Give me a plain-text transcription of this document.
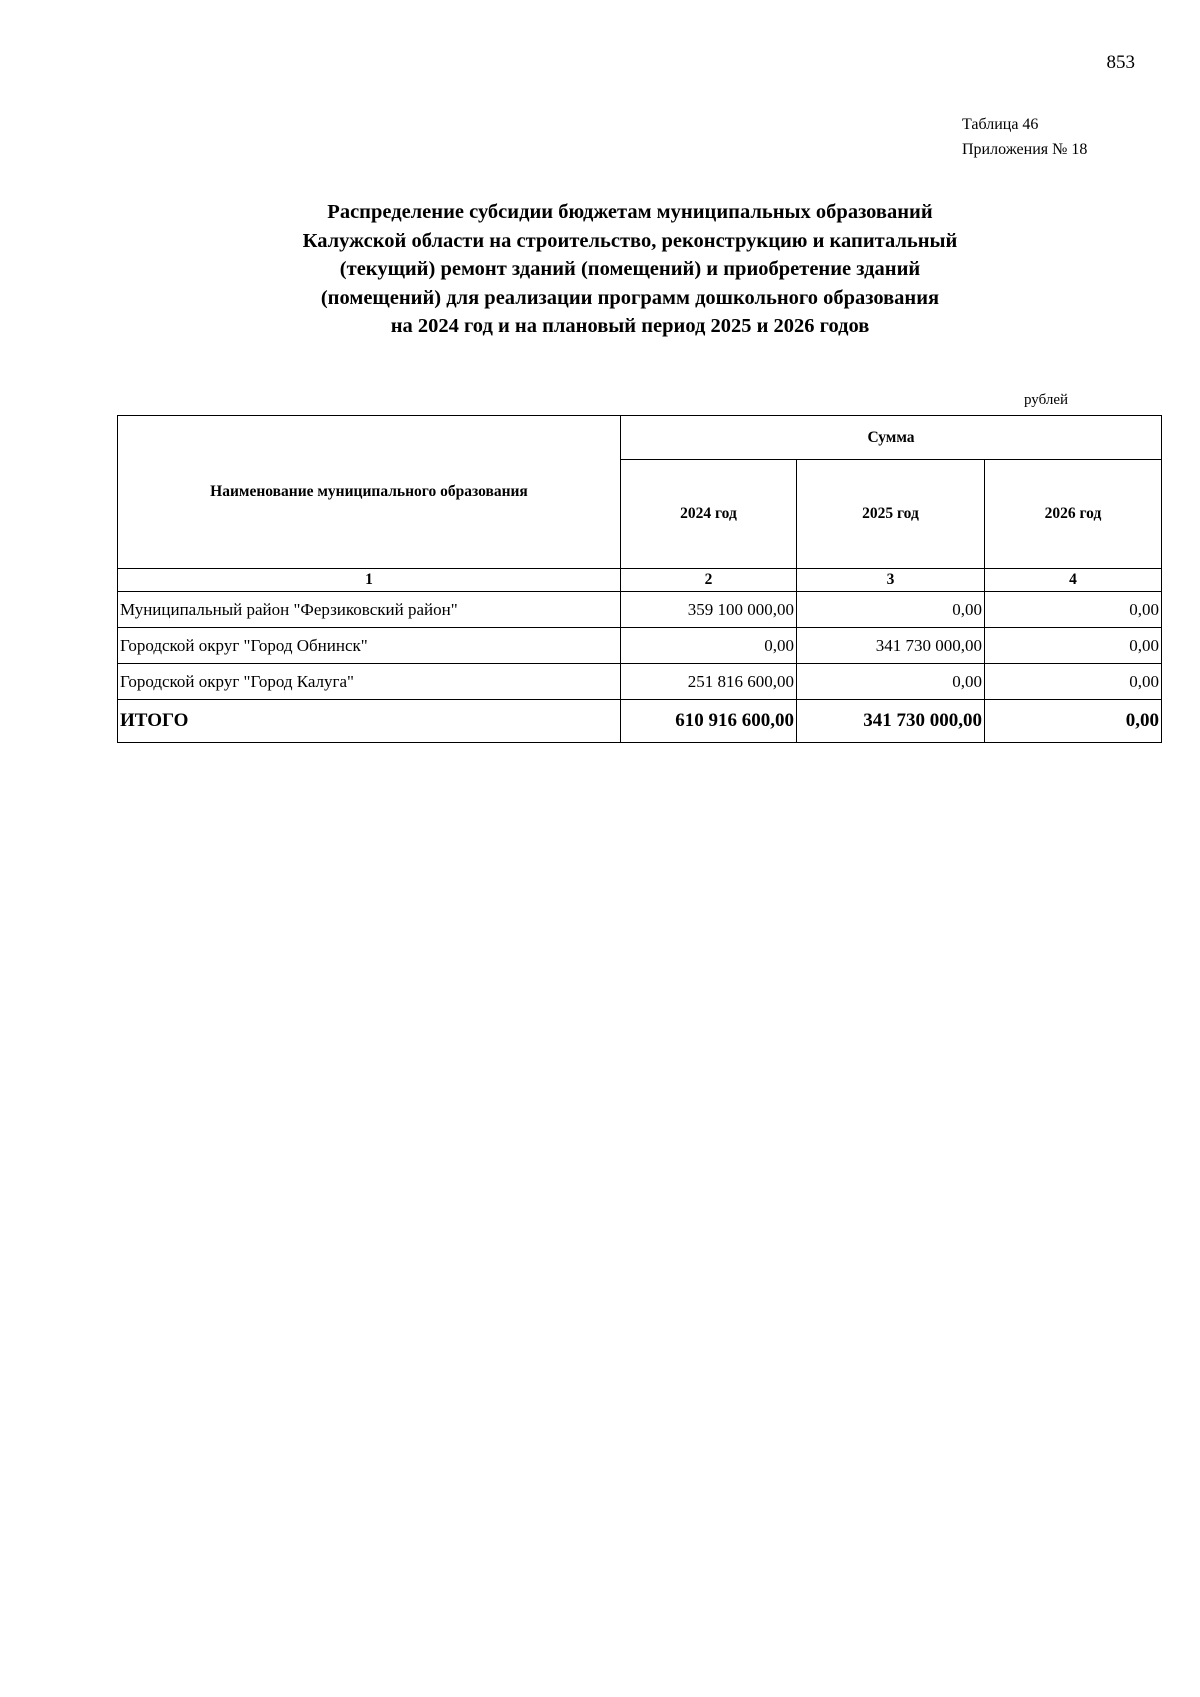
853
Таблица 46
Приложения № 18
Распределение субсидии бюджетам муниципальных образований
Калужской области на строительство, реконструкцию и капитальный
(текущий) ремонт зданий (помещений) и приобретение зданий
(помещений) для реализации программ дошкольного образования
на 2024 год и на плановый период 2025 и 2026 годов
рублей
Наименование муниципального образования	Сумма		
	2024 год	2025 год	2026 год
1	2	3	4
Муниципальный район "Ферзиковский район"	359 100 000,00	0,00	0,00
Городской округ "Город Обнинск"	0,00	341 730 000,00	0,00
Городской округ "Город Калуга"	251 816 600,00	0,00	0,00
ИТОГО	610 916 600,00	341 730 000,00	0,00
